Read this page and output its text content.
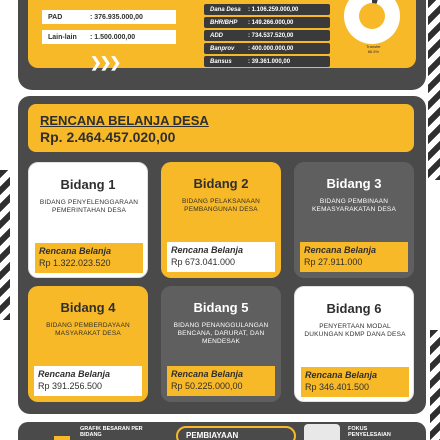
PAD	: 376.935.000,00
Lain-lain	: 1.500.000,00
Dana Desa	: 1.106.259.000,00
BHR/BHP	: 149.266.000,00
ADD	: 734.537.520,00
Banprov	: 400.000.000,00
Bansus	: 39.361.000,00
Transfer
86.5%
❯❯❯
RENCANA BELANJA DESA
Rp. 2.464.457.020,00
Bidang 1
BIDANG PENYELENGGARAAN PEMERINTAHAN DESA
Rencana Belanja
Rp 1.322.023.520
Bidang 2
BIDANG PELAKSANAAN PEMBANGUNAN DESA
Rencana Belanja
Rp 673.041.000
Bidang 3
BIDANG PEMBINAAN KEMASYARAKATAN DESA
Rencana Belanja
Rp 27.911.000
Bidang 4
BIDANG PEMBERDAYAAN MASYARAKAT DESA
Rencana Belanja
Rp 391.256.500
Bidang 5
BIDANG PENANGGULANGAN BENCANA, DARURAT, DAN MENDESAK
Rencana Belanja
Rp 50.225.000,00
Bidang 6
PENYERTAAN MODAL DUKUNGAN KDMP DANA DESA
Rencana Belanja
Rp 346.401.500
GRAFIK BESARAN PER BIDANG	PEMBIAYAAN
FOKUS PENYELESAIAN
